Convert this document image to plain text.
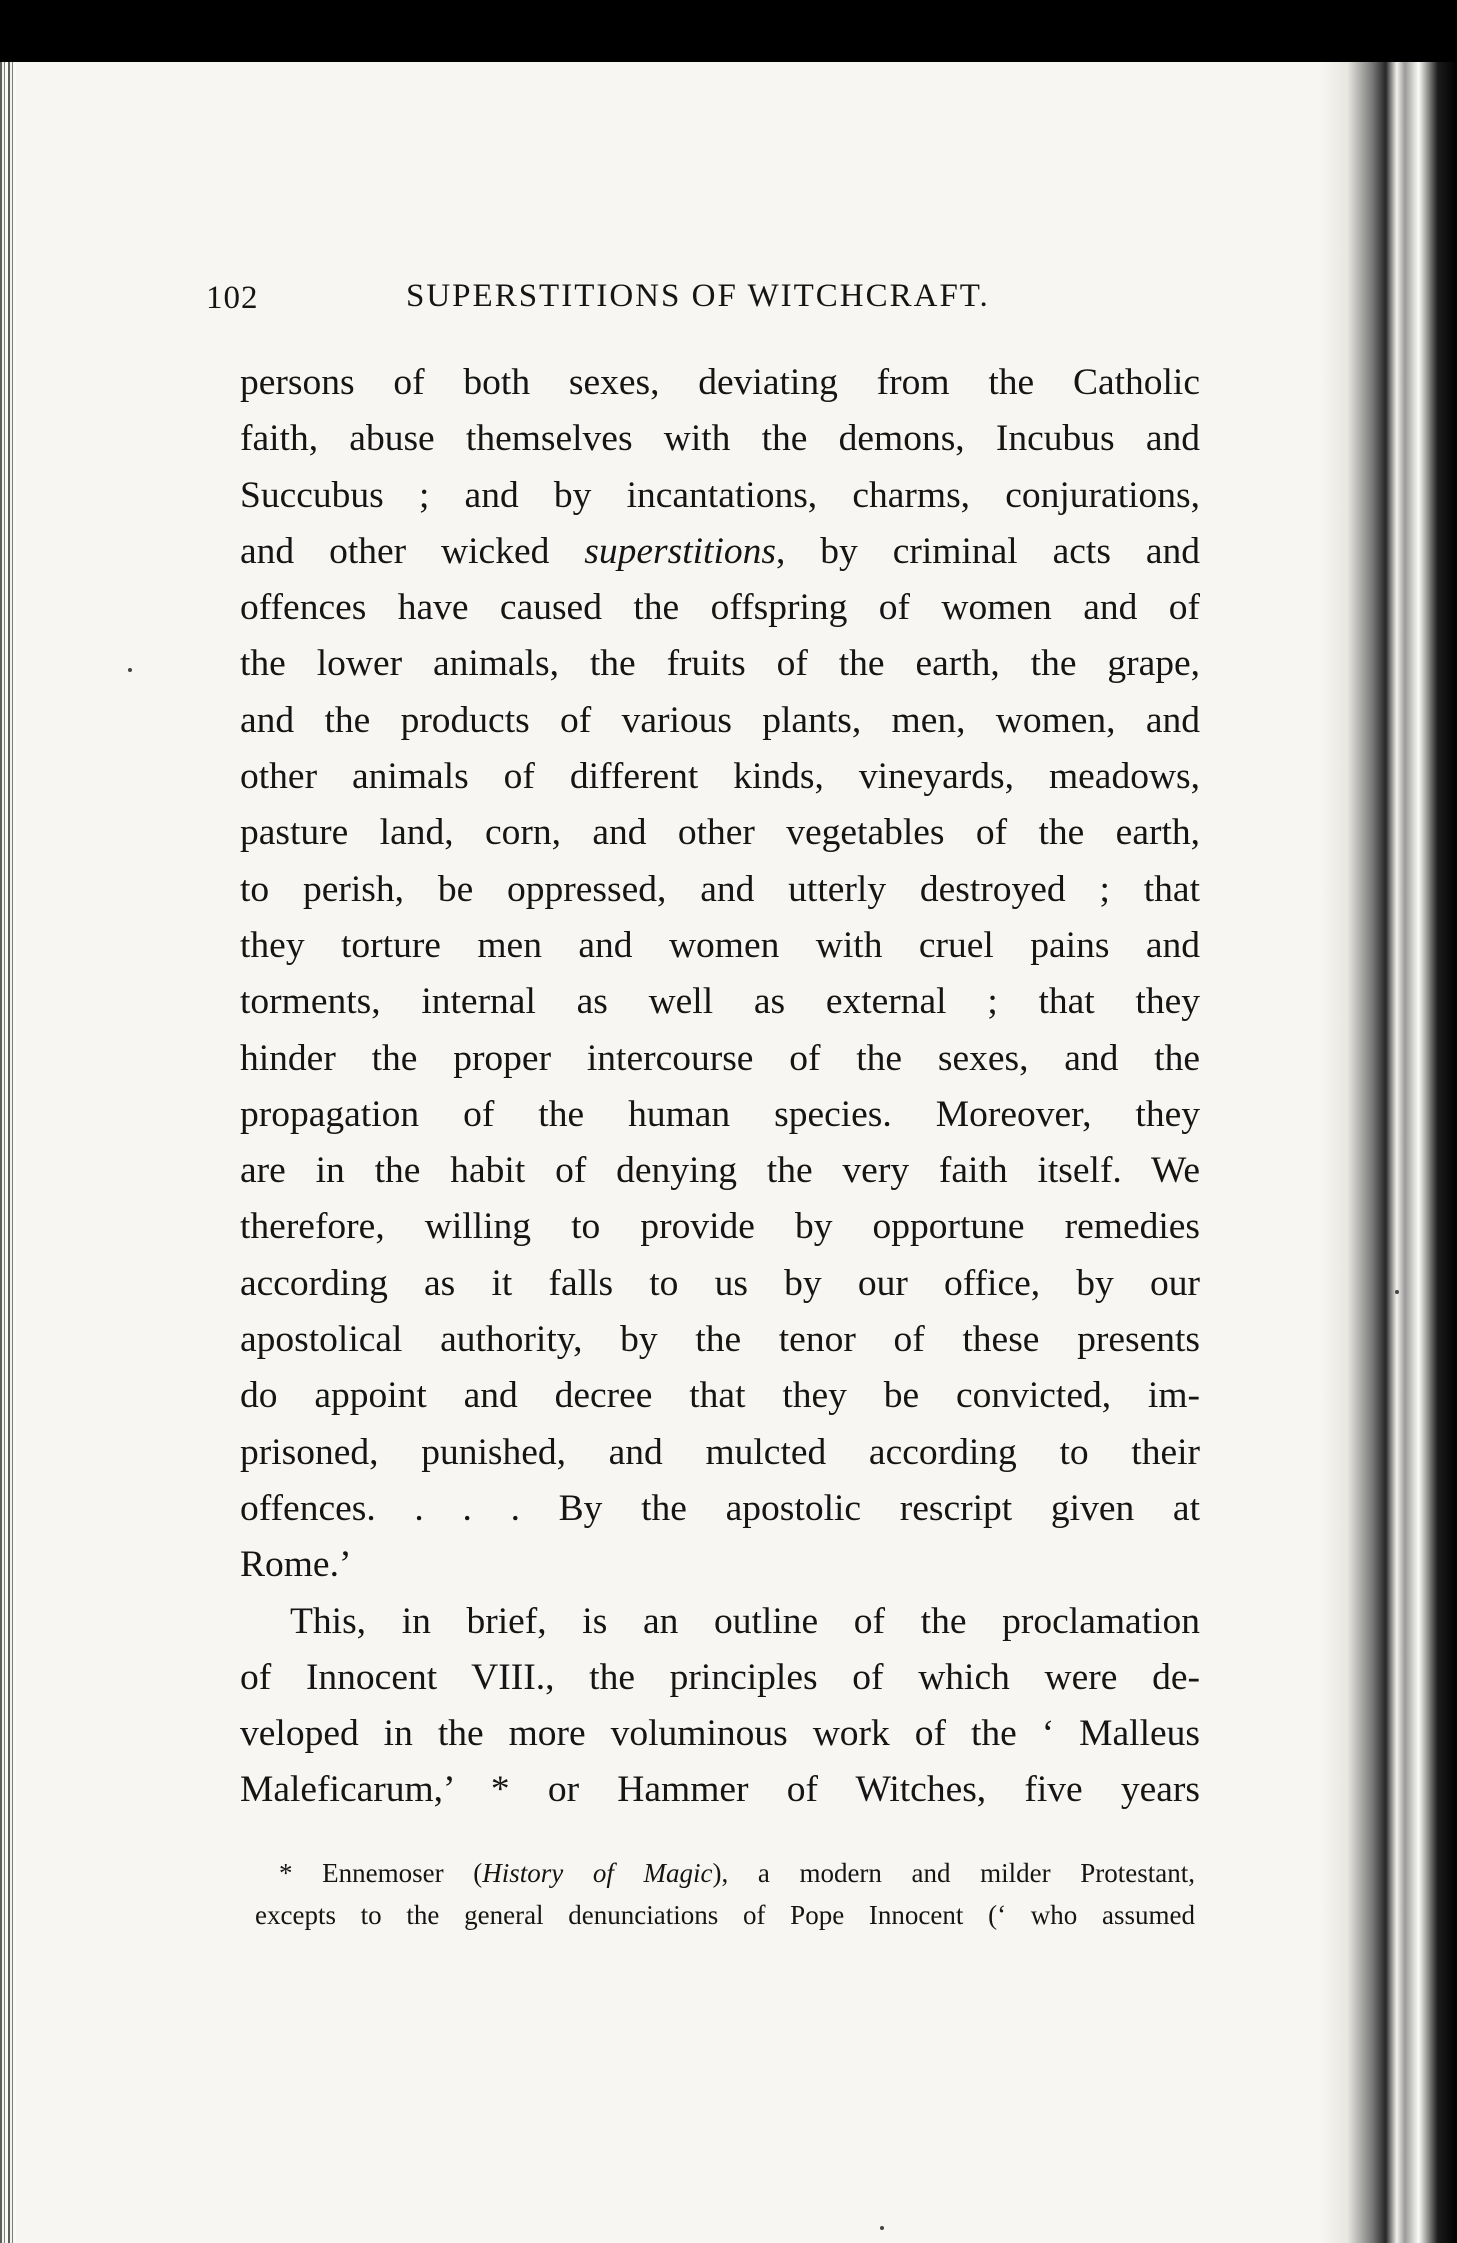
102	SUPERSTITIONS OF WITCHCRAFT.
persons of both sexes, deviating from the Catholic
faith, abuse themselves with the demons, Incubus and
Succubus ; and by incantations, charms, conjurations,
and other wicked superstitions, by criminal acts and
offences have caused the offspring of women and of
the lower animals, the fruits of the earth, the grape,
and the products of various plants, men, women, and
other animals of different kinds, vineyards, meadows,
pasture land, corn, and other vegetables of the earth,
to perish, be oppressed, and utterly destroyed ; that
they torture men and women with cruel pains and
torments, internal as well as external ; that they
hinder the proper intercourse of the sexes, and the
propagation of the human species. Moreover, they
are in the habit of denying the very faith itself. We
therefore, willing to provide by opportune remedies
according as it falls to us by our office, by our
apostolical authority, by the tenor of these presents
do appoint and decree that they be convicted, im-
prisoned, punished, and mulcted according to their
offences. . . . By the apostolic rescript given at
Rome.’
This, in brief, is an outline of the proclamation
of Innocent VIII., the principles of which were de-
veloped in the more voluminous work of the ‘ Malleus
Maleficarum,’ * or Hammer of Witches, five years
* Ennemoser (History of Magic), a modern and milder Protestant,
excepts to the general denunciations of Pope Innocent (‘ who assumed
